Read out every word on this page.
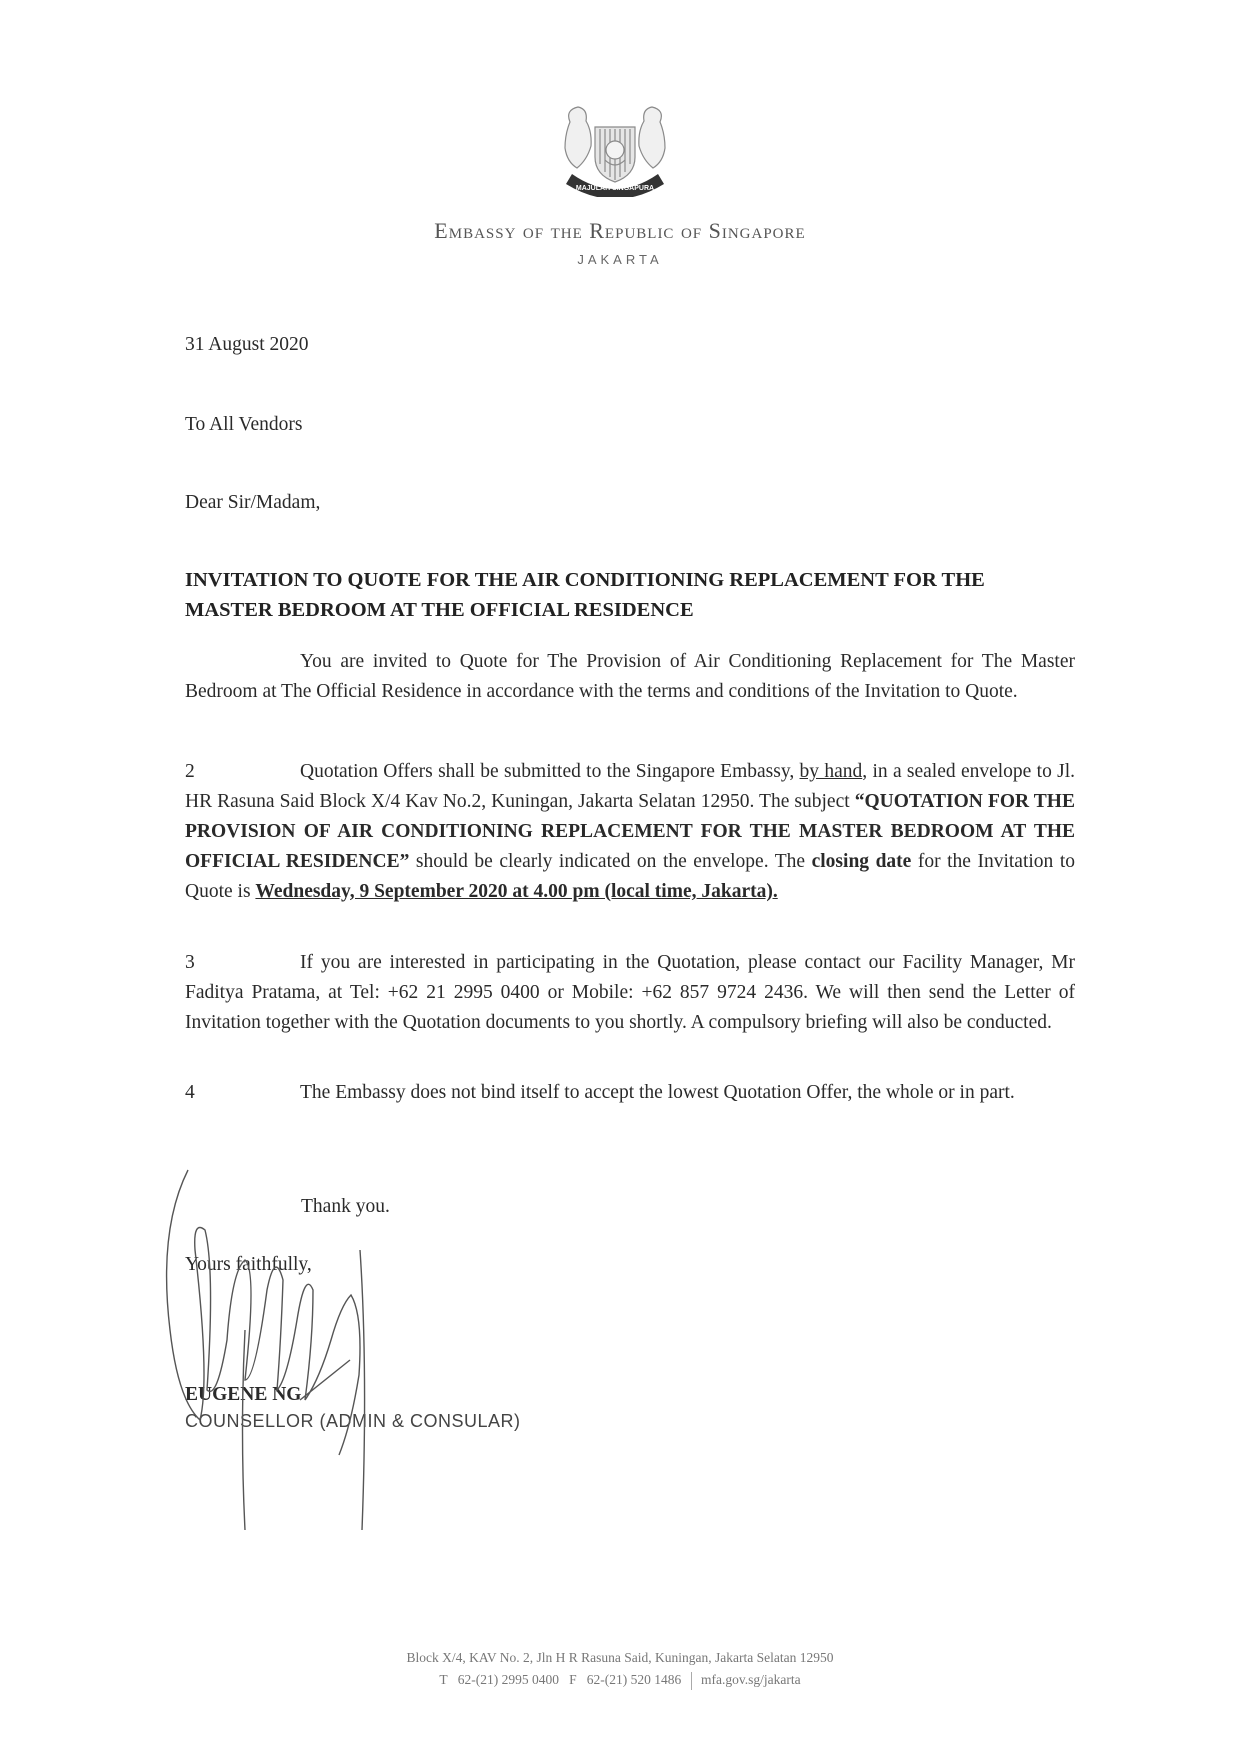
MAJULAH SINGAPURA
Embassy of the Republic of Singapore
JAKARTA
31 August 2020
To All Vendors
Dear Sir/Madam,
INVITATION TO QUOTE FOR THE AIR CONDITIONING REPLACEMENT FOR THE MASTER BEDROOM AT THE OFFICIAL RESIDENCE
You are invited to Quote for The Provision of Air Conditioning Replacement for The Master Bedroom at The Official Residence in accordance with the terms and conditions of the Invitation to Quote.
2	Quotation Offers shall be submitted to the Singapore Embassy, by hand, in a sealed envelope to Jl. HR Rasuna Said Block X/4 Kav No.2, Kuningan, Jakarta Selatan 12950. The subject “QUOTATION FOR THE PROVISION OF AIR CONDITIONING REPLACEMENT FOR THE MASTER BEDROOM AT THE OFFICIAL RESIDENCE” should be clearly indicated on the envelope. The closing date for the Invitation to Quote is Wednesday, 9 September 2020 at 4.00 pm (local time, Jakarta).
3	If you are interested in participating in the Quotation, please contact our Facility Manager, Mr Faditya Pratama, at Tel: +62 21 2995 0400 or Mobile: +62 857 9724 2436. We will then send the Letter of Invitation together with the Quotation documents to you shortly. A compulsory briefing will also be conducted.
4	The Embassy does not bind itself to accept the lowest Quotation Offer, the whole or in part.
Thank you.
Yours faithfully,
EUGENE NG
COUNSELLOR (ADMIN & CONSULAR)
Block X/4, KAV No. 2, Jln H R Rasuna Said, Kuningan, Jakarta Selatan 12950
T 62-(21) 2995 0400 F 62-(21) 520 1486 mfa.gov.sg/jakarta
